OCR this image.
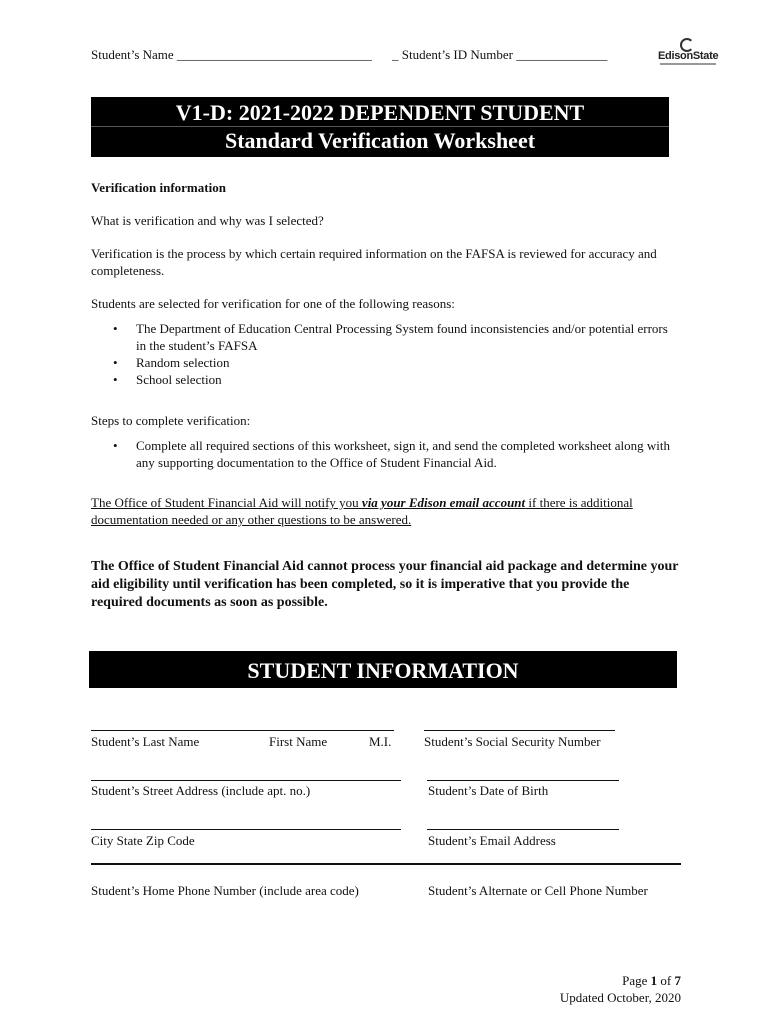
Student’s Name ______________________________ _ Student’s ID Number ______________	EdisonState
V1-D: 2021-2022 DEPENDENT STUDENT
Standard Verification Worksheet
Verification information
What is verification and why was I selected?
Verification is the process by which certain required information on the FAFSA is reviewed for accuracy and completeness.
Students are selected for verification for one of the following reasons:
• The Department of Education Central Processing System found inconsistencies and/or potential errors in the student’s FAFSA
• Random selection
• School selection
Steps to complete verification:
• Complete all required sections of this worksheet, sign it, and send the completed worksheet along with any supporting documentation to the Office of Student Financial Aid.
The Office of Student Financial Aid will notify you via your Edison email account if there is additional documentation needed or any other questions to be answered.
The Office of Student Financial Aid cannot process your financial aid package and determine your aid eligibility until verification has been completed, so it is imperative that you provide the required documents as soon as possible.
STUDENT INFORMATION
Student’s Last Name	First Name	M.I.	Student’s Social Security Number
Student’s Street Address (include apt. no.)	Student’s Date of Birth
City State Zip Code	Student’s Email Address
Student’s Home Phone Number (include area code)	Student’s Alternate or Cell Phone Number
Page 1 of 7
Updated October, 2020
